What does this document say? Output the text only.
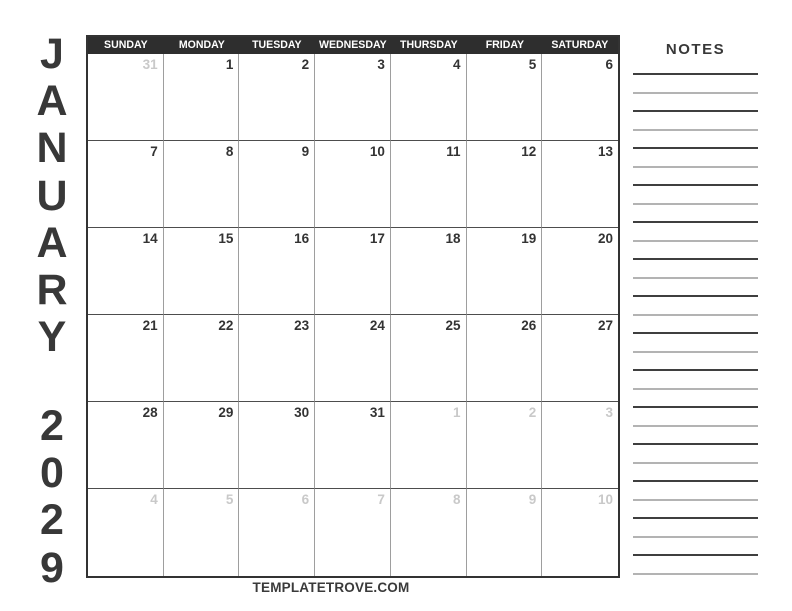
J
A
N
U
A
R
Y
2
0
2
9
SUNDAY	MONDAY	TUESDAY	WEDNESDAY	THURSDAY	FRIDAY	SATURDAY
31	1	2	3	4	5	6
7	8	9	10	11	12	13
14	15	16	17	18	19	20
21	22	23	24	25	26	27
28	29	30	31	1	2	3
4	5	6	7	8	9	10
TEMPLATETROVE.COM
NOTES
